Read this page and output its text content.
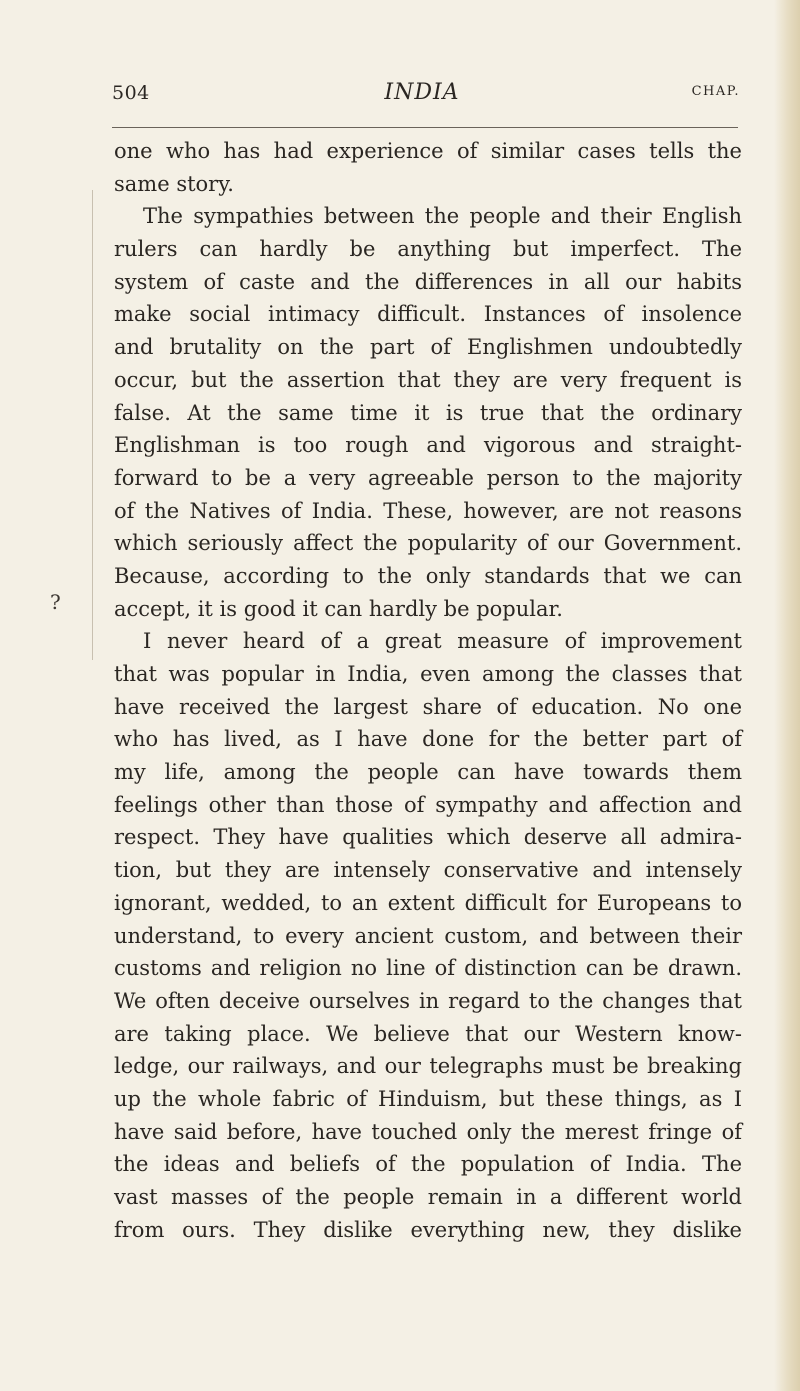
504	INDIA	CHAP.
?
one who has had experience of similar cases tells the
same story.
The sympathies between the people and their English
rulers can hardly be anything but imperfect. The
system of caste and the differences in all our habits
make social intimacy difficult. Instances of insolence
and brutality on the part of Englishmen undoubtedly
occur, but the assertion that they are very frequent is
false. At the same time it is true that the ordinary
Englishman is too rough and vigorous and straight-
forward to be a very agreeable person to the majority
of the Natives of India. These, however, are not reasons
which seriously affect the popularity of our Government.
Because, according to the only standards that we can
accept, it is good it can hardly be popular.
I never heard of a great measure of improvement
that was popular in India, even among the classes that
have received the largest share of education. No one
who has lived, as I have done for the better part of
my life, among the people can have towards them
feelings other than those of sympathy and affection and
respect. They have qualities which deserve all admira-
tion, but they are intensely conservative and intensely
ignorant, wedded, to an extent difficult for Europeans to
understand, to every ancient custom, and between their
customs and religion no line of distinction can be drawn.
We often deceive ourselves in regard to the changes that
are taking place. We believe that our Western know-
ledge, our railways, and our telegraphs must be breaking
up the whole fabric of Hinduism, but these things, as I
have said before, have touched only the merest fringe of
the ideas and beliefs of the population of India. The
vast masses of the people remain in a different world
from ours. They dislike everything new, they dislike
